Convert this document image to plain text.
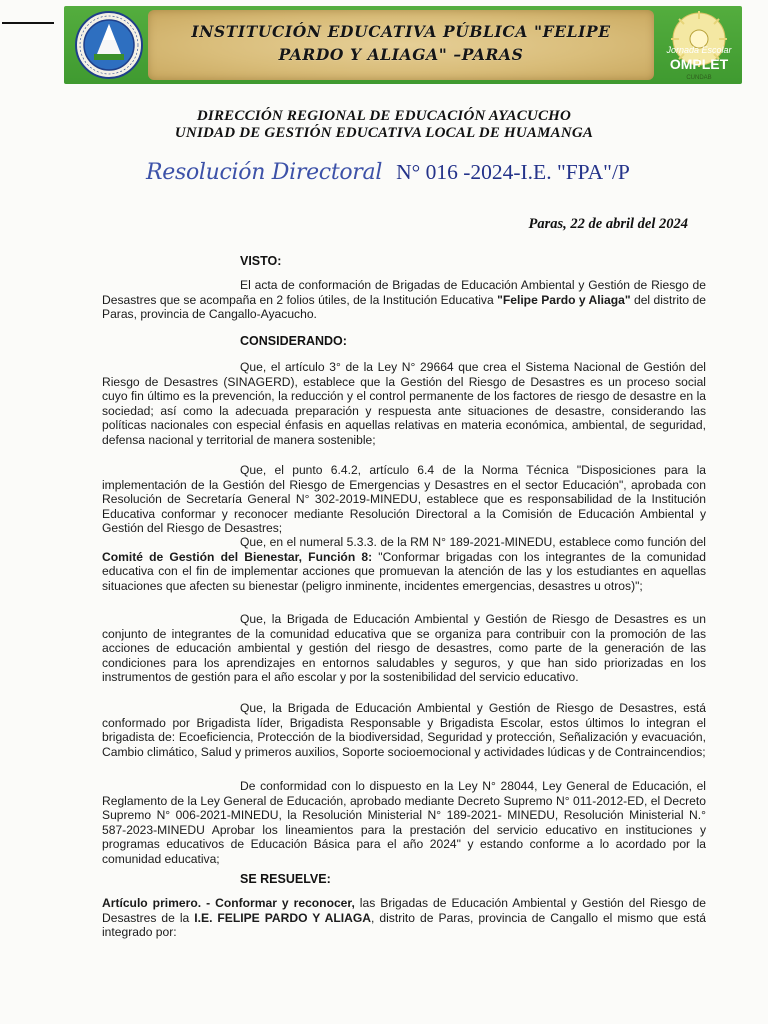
INSTITUCIÓN EDUCATIVA PÚBLICA "FELIPE
PARDO Y ALIAGA" –PARAS	Jornada Escolar
OMPLET
CUNDAB
DIRECCIÓN REGIONAL DE EDUCACIÓN AYACUCHO
UNIDAD DE GESTIÓN EDUCATIVA LOCAL DE HUAMANGA
Resolución Directoral N° 016 -2024-I.E. "FPA"/P
Paras, 22 de abril del 2024
VISTO:
El acta de conformación de Brigadas de Educación Ambiental y Gestión de Riesgo de Desastres que se acompaña en 2 folios útiles, de la Institución Educativa "Felipe Pardo y Aliaga" del distrito de Paras, provincia de Cangallo-Ayacucho.
CONSIDERANDO:
Que, el artículo 3° de la Ley N° 29664 que crea el Sistema Nacional de Gestión del Riesgo de Desastres (SINAGERD), establece que la Gestión del Riesgo de Desastres es un proceso social cuyo fin último es la prevención, la reducción y el control permanente de los factores de riesgo de desastre en la sociedad; así como la adecuada preparación y respuesta ante situaciones de desastre, considerando las políticas nacionales con especial énfasis en aquellas relativas en materia económica, ambiental, de seguridad, defensa nacional y territorial de manera sostenible;
Que, el punto 6.4.2, artículo 6.4 de la Norma Técnica "Disposiciones para la implementación de la Gestión del Riesgo de Emergencias y Desastres en el sector Educación", aprobada con Resolución de Secretaría General N° 302-2019-MINEDU, establece que es responsabilidad de la Institución Educativa conformar y reconocer mediante Resolución Directoral a la Comisión de Educación Ambiental y Gestión del Riesgo de Desastres;
Que, en el numeral 5.3.3. de la RM N° 189-2021-MINEDU, establece como función del Comité de Gestión del Bienestar, Función 8: "Conformar brigadas con los integrantes de la comunidad educativa con el fin de implementar acciones que promuevan la atención de las y los estudiantes en aquellas situaciones que afecten su bienestar (peligro inminente, incidentes emergencias, desastres u otros)";
Que, la Brigada de Educación Ambiental y Gestión de Riesgo de Desastres es un conjunto de integrantes de la comunidad educativa que se organiza para contribuir con la promoción de las acciones de educación ambiental y gestión del riesgo de desastres, como parte de la generación de las condiciones para los aprendizajes en entornos saludables y seguros, y que han sido priorizadas en los instrumentos de gestión para el año escolar y por la sostenibilidad del servicio educativo.
Que, la Brigada de Educación Ambiental y Gestión de Riesgo de Desastres, está conformado por Brigadista líder, Brigadista Responsable y Brigadista Escolar, estos últimos lo integran el brigadista de: Ecoeficiencia, Protección de la biodiversidad, Seguridad y protección, Señalización y evacuación, Cambio climático, Salud y primeros auxilios, Soporte socioemocional y actividades lúdicas y de Contraincendios;
De conformidad con lo dispuesto en la Ley N° 28044, Ley General de Educación, el Reglamento de la Ley General de Educación, aprobado mediante Decreto Supremo N° 011-2012-ED, el Decreto Supremo N° 006-2021-MINEDU, la Resolución Ministerial N° 189-2021- MINEDU, Resolución Ministerial N.° 587-2023-MINEDU Aprobar los lineamientos para la prestación del servicio educativo en instituciones y programas educativos de Educación Básica para el año 2024" y estando conforme a lo acordado por la comunidad educativa;
SE RESUELVE:
Artículo primero. - Conformar y reconocer, las Brigadas de Educación Ambiental y Gestión del Riesgo de Desastres de la I.E. FELIPE PARDO Y ALIAGA, distrito de Paras, provincia de Cangallo el mismo que está integrado por:
